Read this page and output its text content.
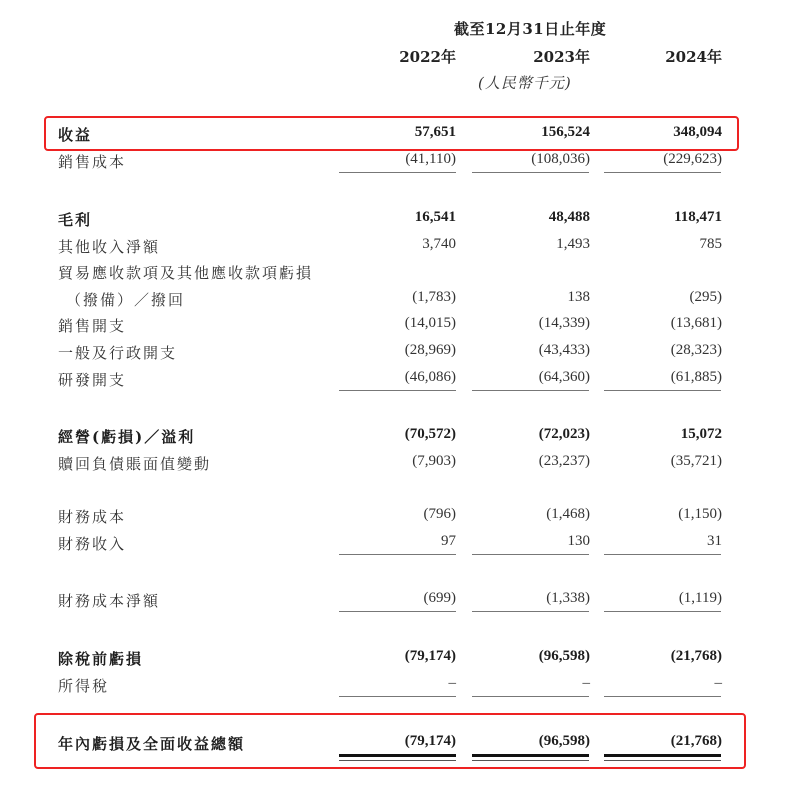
截至12月31日止年度
2022年	2023年	2024年
(人民幣千元)
收益	57,651	156,524	348,094
銷售成本	(41,110)	(108,036)	(229,623)
毛利	16,541	48,488	118,471
其他收入淨額	3,740	1,493	785
貿易應收款項及其他應收款項虧損
（撥備）／撥回	(1,783)	138	(295)
銷售開支	(14,015)	(14,339)	(13,681)
一般及行政開支	(28,969)	(43,433)	(28,323)
研發開支	(46,086)	(64,360)	(61,885)
經營(虧損)／溢利	(70,572)	(72,023)	15,072
贖回負債賬面值變動	(7,903)	(23,237)	(35,721)
財務成本	(796)	(1,468)	(1,150)
財務收入	97	130	31
財務成本淨額	(699)	(1,338)	(1,119)
除稅前虧損	(79,174)	(96,598)	(21,768)
所得稅	–	–	–
年內虧損及全面收益總額	(79,174)	(96,598)	(21,768)
